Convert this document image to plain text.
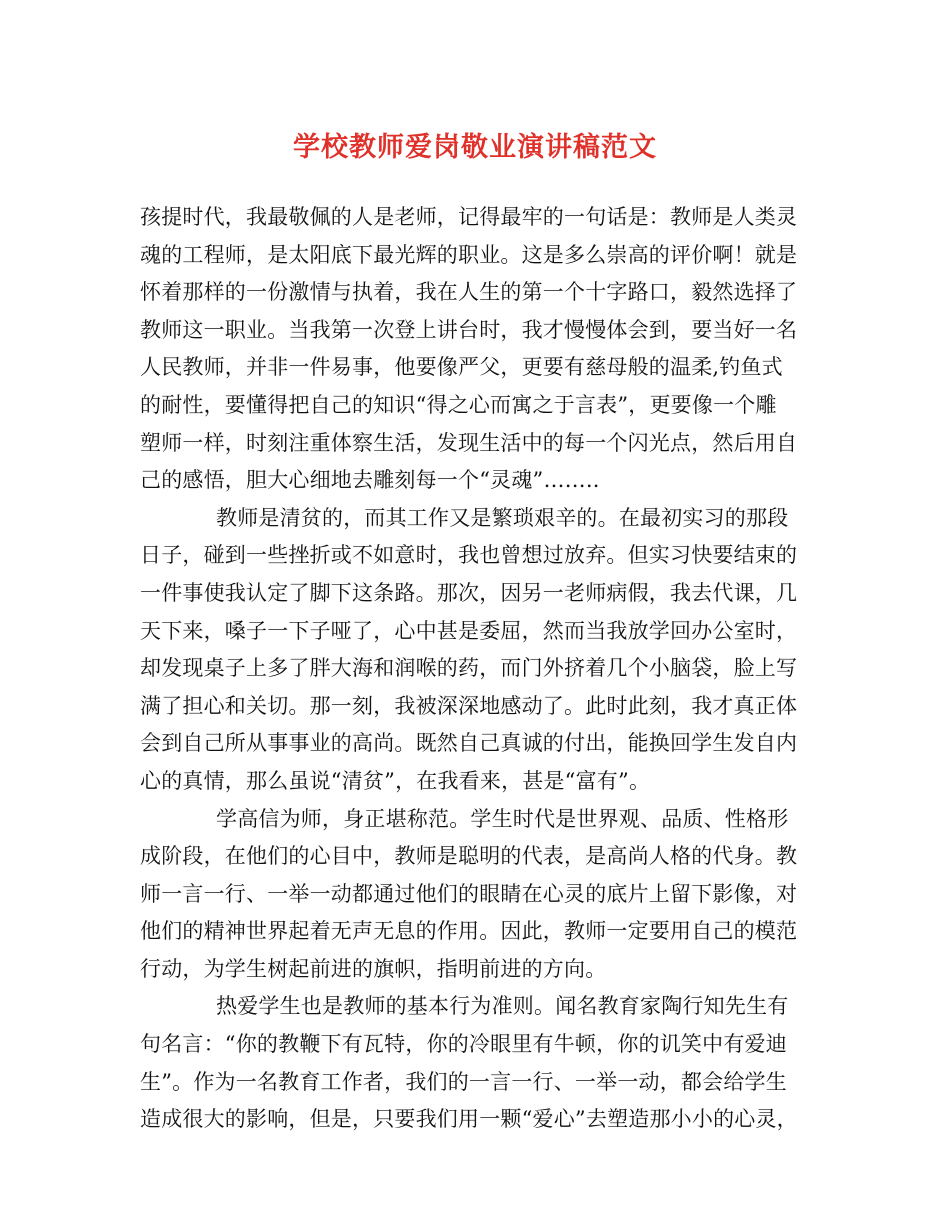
学校教师爱岗敬业演讲稿范文
孩提时代，我最敬佩的人是老师，记得最牢的一句话是：教师是人类灵
魂的工程师，是太阳底下最光辉的职业。这是多么崇高的评价啊！就是
怀着那样的一份激情与执着，我在人生的第一个十字路口，毅然选择了
教师这一职业。当我第一次登上讲台时，我才慢慢体会到，要当好一名
人民教师，并非一件易事，他要像严父，更要有慈母般的温柔,钓鱼式
的耐性，要懂得把自己的知识“得之心而寓之于言表”，更要像一个雕
塑师一样，时刻注重体察生活，发现生活中的每一个闪光点，然后用自
己的感悟，胆大心细地去雕刻每一个“灵魂”……..
教师是清贫的，而其工作又是繁琐艰辛的。在最初实习的那段
日子，碰到一些挫折或不如意时，我也曾想过放弃。但实习快要结束的
一件事使我认定了脚下这条路。那次，因另一老师病假，我去代课，几
天下来，嗓子一下子哑了，心中甚是委屈，然而当我放学回办公室时，
却发现桌子上多了胖大海和润喉的药，而门外挤着几个小脑袋，脸上写
满了担心和关切。那一刻，我被深深地感动了。此时此刻，我才真正体
会到自己所从事事业的高尚。既然自己真诚的付出，能换回学生发自内
心的真情，那么虽说“清贫”，在我看来，甚是“富有”。
学高信为师，身正堪称范。学生时代是世界观、品质、性格形
成阶段，在他们的心目中，教师是聪明的代表，是高尚人格的代身。教
师一言一行、一举一动都通过他们的眼睛在心灵的底片上留下影像，对
他们的精神世界起着无声无息的作用。因此，教师一定要用自己的模范
行动，为学生树起前进的旗帜，指明前进的方向。
热爱学生也是教师的基本行为准则。闻名教育家陶行知先生有
句名言：“你的教鞭下有瓦特，你的冷眼里有牛顿，你的讥笑中有爱迪
生”。作为一名教育工作者，我们的一言一行、一举一动，都会给学生
造成很大的影响，但是，只要我们用一颗“爱心”去塑造那小小的心灵，
